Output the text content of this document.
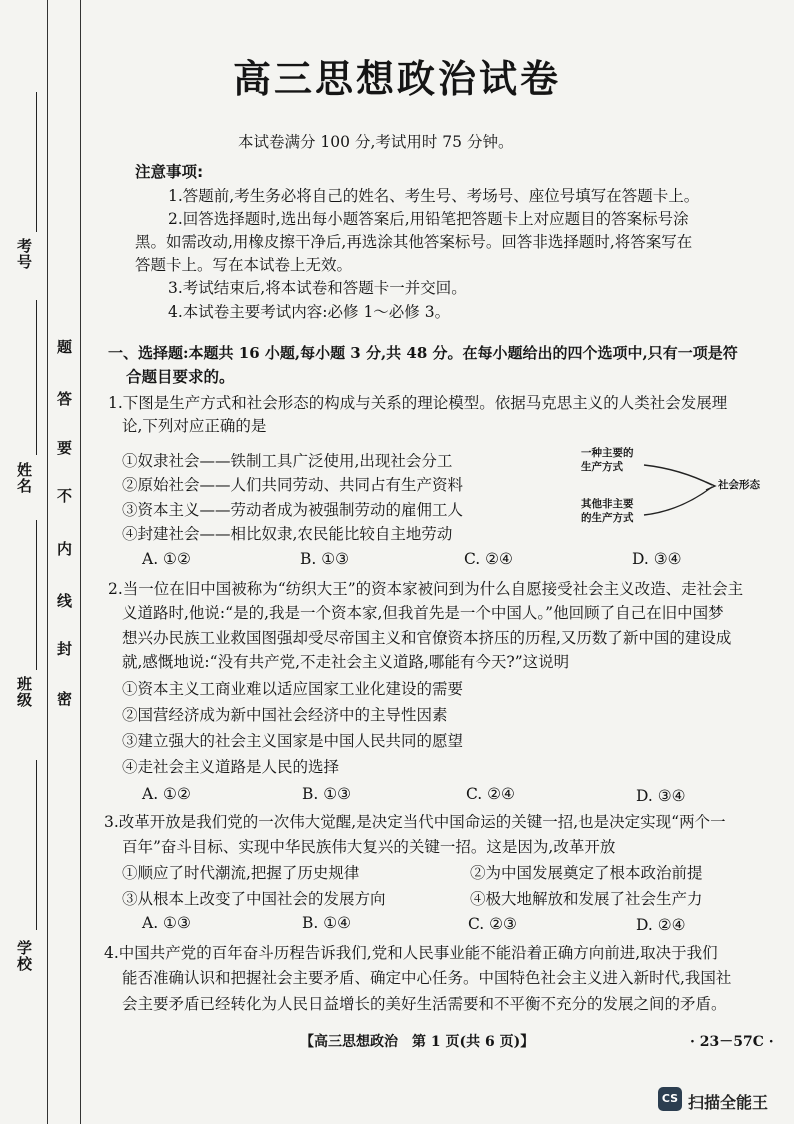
考号
姓名
班级
学校
密
封
线
内
不
要
答
题
高三思想政治试卷
本试卷满分 100 分,考试用时 75 分钟。
注意事项:
1.答题前,考生务必将自己的姓名、考生号、考场号、座位号填写在答题卡上。
2.回答选择题时,选出每小题答案后,用铅笔把答题卡上对应题目的答案标号涂
黑。如需改动,用橡皮擦干净后,再选涂其他答案标号。回答非选择题时,将答案写在
答题卡上。写在本试卷上无效。
3.考试结束后,将本试卷和答题卡一并交回。
4.本试卷主要考试内容:必修 1～必修 3。
一、选择题:本题共 16 小题,每小题 3 分,共 48 分。在每小题给出的四个选项中,只有一项是符
合题目要求的。
1.下图是生产方式和社会形态的构成与关系的理论模型。依据马克思主义的人类社会发展理
论,下列对应正确的是
①奴隶社会——铁制工具广泛使用,出现社会分工
②原始社会——人们共同劳动、共同占有生产资料
③资本主义——劳动者成为被强制劳动的雇佣工人
④封建社会——相比奴隶,农民能比较自主地劳动
A. ①②	B. ①③	C. ②④	D. ③④
一种主要的
生产方式
其他非主要
的生产方式
社会形态
2.当一位在旧中国被称为“纺织大王”的资本家被问到为什么自愿接受社会主义改造、走社会主
义道路时,他说:“是的,我是一个资本家,但我首先是一个中国人。”他回顾了自己在旧中国梦
想兴办民族工业救国图强却受尽帝国主义和官僚资本挤压的历程,又历数了新中国的建设成
就,感慨地说:“没有共产党,不走社会主义道路,哪能有今天?”这说明
①资本主义工商业难以适应国家工业化建设的需要
②国营经济成为新中国社会经济中的主导性因素
③建立强大的社会主义国家是中国人民共同的愿望
④走社会主义道路是人民的选择
A. ①②	B. ①③	C. ②④	D. ③④
3.改革开放是我们党的一次伟大觉醒,是决定当代中国命运的关键一招,也是决定实现“两个一
百年”奋斗目标、实现中华民族伟大复兴的关键一招。这是因为,改革开放
①顺应了时代潮流,把握了历史规律	②为中国发展奠定了根本政治前提
③从根本上改变了中国社会的发展方向	④极大地解放和发展了社会生产力
A. ①③	B. ①④	C. ②③	D. ②④
4.中国共产党的百年奋斗历程告诉我们,党和人民事业能不能沿着正确方向前进,取决于我们
能否准确认识和把握社会主要矛盾、确定中心任务。中国特色社会主义进入新时代,我国社
会主要矛盾已经转化为人民日益增长的美好生活需要和不平衡不充分的发展之间的矛盾。
【高三思想政治　第 1 页(共 6 页)】	· 23－57C ·
CS 扫描全能王
